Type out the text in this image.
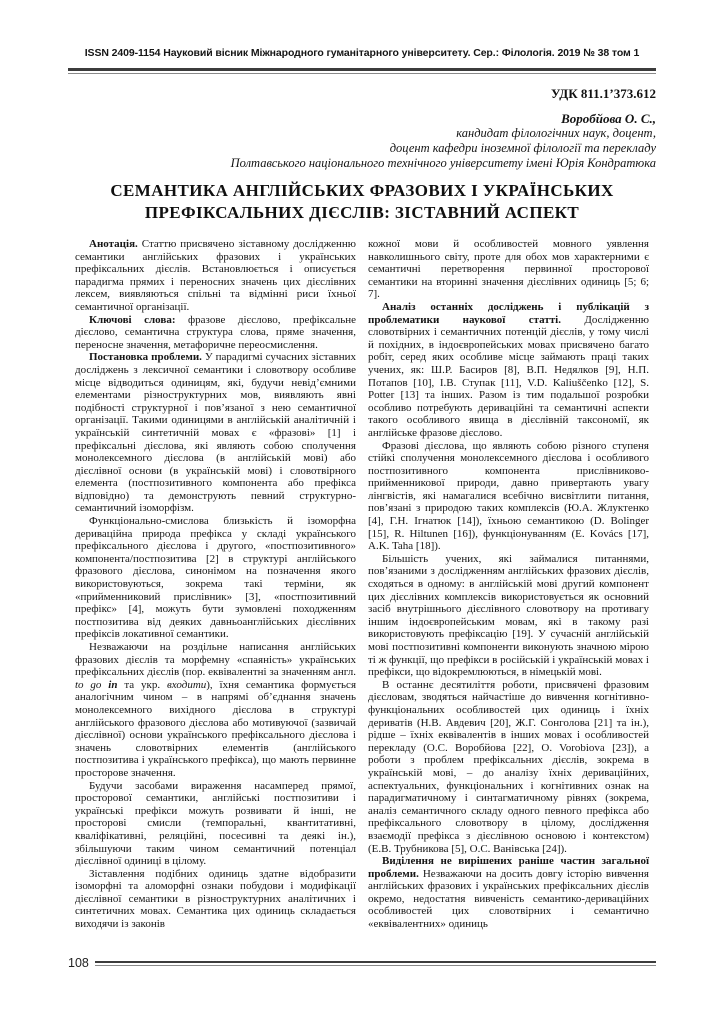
ISSN 2409-1154 Науковий вісник Міжнародного гуманітарного університету. Сер.: Філологія. 2019 № 38 том 1
УДК 811.1’373.612
Воробйова О. С.,
кандидат філологічних наук, доцент,
доцент кафедри іноземної філології та перекладу
Полтавського національного технічного університету імені Юрія Кондратюка
СЕМАНТИКА АНГЛІЙСЬКИХ ФРАЗОВИХ І УКРАЇНСЬКИХ
ПРЕФІКСАЛЬНИХ ДІЄСЛІВ: ЗІСТАВНИЙ АСПЕКТ

Анотація. Статтю присвячено зіставному дослідженню семантики англійських фразових і українських префіксальних дієслів. Встановлюється і описується парадигма прямих і переносних значень цих дієслівних лексем, виявляються спільні та відмінні риси їхньої семантичної організації.

Ключові слова: фразове дієслово, префіксальне дієслово, семантична структура слова, пряме значення, переносне значення, метафоричне переосмислення.

Постановка проблеми. У парадигмі сучасних зіставних досліджень з лексичної семантики і словотвору особливе місце відводиться одиницям, які, будучи невід’ємними елементами різноструктурних мов, виявляють явні подібності структурної і пов’язаної з нею семантичної організації. Такими одиницями в англійській аналітичній і українській синтетичній мовах є «фразові» [1] і префіксальні дієслова, які являють собою сполучення монолексемного дієслова (в англійській мові) або дієслівної основи (в українській мові) і словотвірного елемента (постпозитивного компонента або префікса відповідно) та демонструють певний структурно-семантичний ізоморфізм.

Функціонально-смислова близькість й ізоморфна дериваційна природа префікса у складі українського префіксального дієслова і другого, «постпозитивного» компонента/постпозитива [2] в структурі англійського фразового дієслова, синонімом на позначення якого використовуються, зокрема такі терміни, як «прийменниковий прислівник» [3], «постпозитивний префікс» [4], можуть бути зумовлені походженням постпозитива від деяких давньоанглійських дієслівних префіксів локативної семантики.

Незважаючи на роздільне написання англійських фразових дієслів та морфемну «спаяність» українських префіксальних дієслів (пор. еквівалентні за значенням англ. to go in та укр. входити), їхня семантика формується аналогічним чином – в напрямі об’єднання значень монолексемного вихідного дієслова в структурі англійського фразового дієслова або мотивуючої (зазвичай дієслівної) основи українського префіксального дієслова і значень словотвірних елементів (англійського постпозитива і українського префікса), що мають первинне просторове значення.

Будучи засобами вираження насамперед прямої, просторової семантики, англійські постпозитиви і українські префікси можуть розвивати й інші, не просторові смисли (темпоральні, квантитативні, кваліфікативні, реляційні, посесивні та деякі ін.), збільшуючи таким чином семантичний потенціал дієслівної одиниці в цілому.

Зіставлення подібних одиниць здатне відобразити ізоморфні та аломорфні ознаки побудови і модифікації дієслівної семантики в різноструктурних аналітичних і синтетичних мовах. Семантика цих одиниць складається виходячи із законів

кожної мови й особливостей мовного уявлення навколишнього світу, проте для обох мов характерними є семантичні перетворення первинної просторової семантики на вторинні значення дієслівних одиниць [5; 6; 7].

Аналіз останніх досліджень і публікацій з проблематики наукової статті. Дослідженню словотвірних і семантичних потенцій дієслів, у тому числі й похідних, в індоєвропейських мовах присвячено багато робіт, серед яких особливе місце займають праці таких учених, як: Ш.Р. Басиров [8], В.П. Недялков [9], Н.П. Потапов [10], І.В. Ступак [11], V.D. Kaliuščenko [12], S. Potter [13] та інших. Разом із тим подальшої розробки особливо потребують дериваційні та семантичні аспекти такого особливого явища в дієслівній таксономії, як англійське фразове дієслово.

Фразові дієслова, що являють собою різного ступеня стійкі сполучення монолексемного дієслова і особливого постпозитивного компонента прислівниково-прийменникової природи, давно привертають увагу лінгвістів, які намагалися всебічно висвітлити питання, пов’язані з природою таких комплексів (Ю.А. Жлуктенко [4], Г.Н. Ігнатюк [14]), їхньою семантикою (D. Bolinger [15], R. Hiltunen [16]), функціонуванням (E. Kovács [17], A.K. Taha [18]).

Більшість учених, які займалися питаннями, пов’язаними з дослідженням англійських фразових дієслів, сходяться в одному: в англійській мові другий компонент цих дієслівних комплексів використовується як основний засіб внутрішнього дієслівного словотвору на противагу іншим індоєвропейським мовам, які в такому разі використовують префіксацію [19]. У сучасній англійській мові постпозитивні компоненти виконують значною мірою ті ж функції, що префікси в російській і українській мовах і префікси, що відокремлюються, в німецькій мові.

В останнє десятиліття роботи, присвячені фразовим дієсловам, зводяться найчастіше до вивчення когнітивно-функціональних особливостей цих одиниць і їхніх дериватів (Н.В. Авдевич [20], Ж.Г. Сонголова [21] та ін.), рідше – їхніх еквівалентів в інших мовах і особливостей перекладу (О.С. Воробйова [22], O. Vorobiova [23]), а роботи з проблем префіксальних дієслів, зокрема в українській мові, – до аналізу їхніх дериваційних, аспектуальних, функціональних і когнітивних ознак на парадигматичному і синтагматичному рівнях (зокрема, аналіз семантичного складу одного певного префікса або префіксального словотвору в цілому, дослідження взаємодії префікса з дієслівною основою і контекстом) (Е.В. Трубникова [5], О.С. Ванівська [24]).

Виділення не вирішених раніше частин загальної проблеми. Незважаючи на досить довгу історію вивчення англійських фразових і українських префіксальних дієслів окремо, недостатня вивченість семантико-дериваційних особливостей цих словотвірних і семантично «еквівалентних» одиниць

108
